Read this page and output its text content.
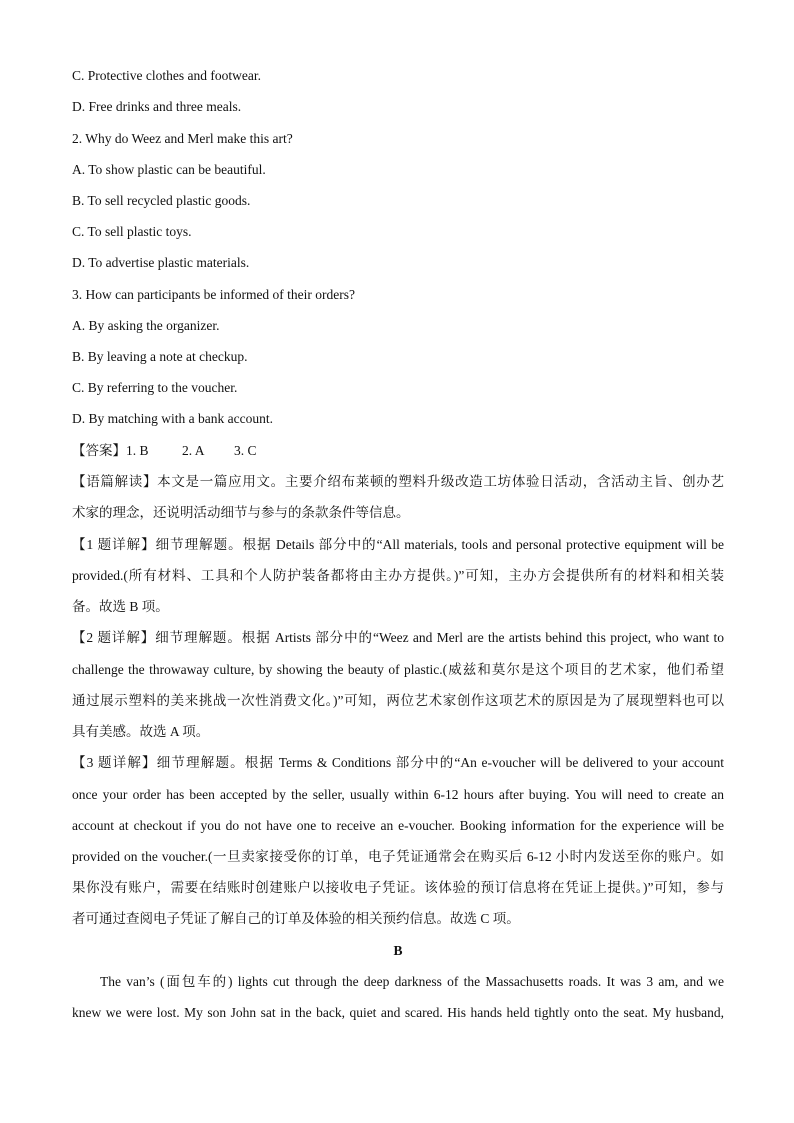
C. Protective clothes and footwear.
D. Free drinks and three meals.
2. Why do Weez and Merl make this art?
A. To show plastic can be beautiful.
B. To sell recycled plastic goods.
C. To sell plastic toys.
D. To advertise plastic materials.
3. How can participants be informed of their orders?
A. By asking the organizer.
B. By leaving a note at checkup.
C. By referring to the voucher.
D. By matching with a bank account.
【答案】1. B 2. A 3. C
【语篇解读】本文是一篇应用文。主要介绍布莱顿的塑料升级改造工坊体验日活动，含活动主旨、创办艺
术家的理念，还说明活动细节与参与的条款条件等信息。
【1 题详解】细节理解题。根据 Details 部分中的“All materials, tools and personal protective equipment will be
provided.(所有材料、工具和个人防护装备都将由主办方提供。)”可知，主办方会提供所有的材料和相关装
备。故选 B 项。
【2 题详解】细节理解题。根据 Artists 部分中的“Weez and Merl are the artists behind this project, who want to
challenge the throwaway culture, by showing the beauty of plastic.(威兹和莫尔是这个项目的艺术家，他们希望
通过展示塑料的美来挑战一次性消费文化。)”可知，两位艺术家创作这项艺术的原因是为了展现塑料也可以
具有美感。故选 A 项。
【3 题详解】细节理解题。根据 Terms & Conditions 部分中的“An e-voucher will be delivered to your account
once your order has been accepted by the seller, usually within 6-12 hours after buying. You will need to create an
account at checkout if you do not have one to receive an e-voucher. Booking information for the experience will be
provided on the voucher.(一旦卖家接受你的订单，电子凭证通常会在购买后 6-12 小时内发送至你的账户。如
果你没有账户，需要在结账时创建账户以接收电子凭证。该体验的预订信息将在凭证上提供。)”可知，参与
者可通过查阅电子凭证了解自己的订单及体验的相关预约信息。故选 C 项。
B
The van’s (面包车的) lights cut through the deep darkness of the Massachusetts roads. It was 3 am, and we
knew we were lost. My son John sat in the back, quiet and scared. His hands held tightly onto the seat. My husband,
